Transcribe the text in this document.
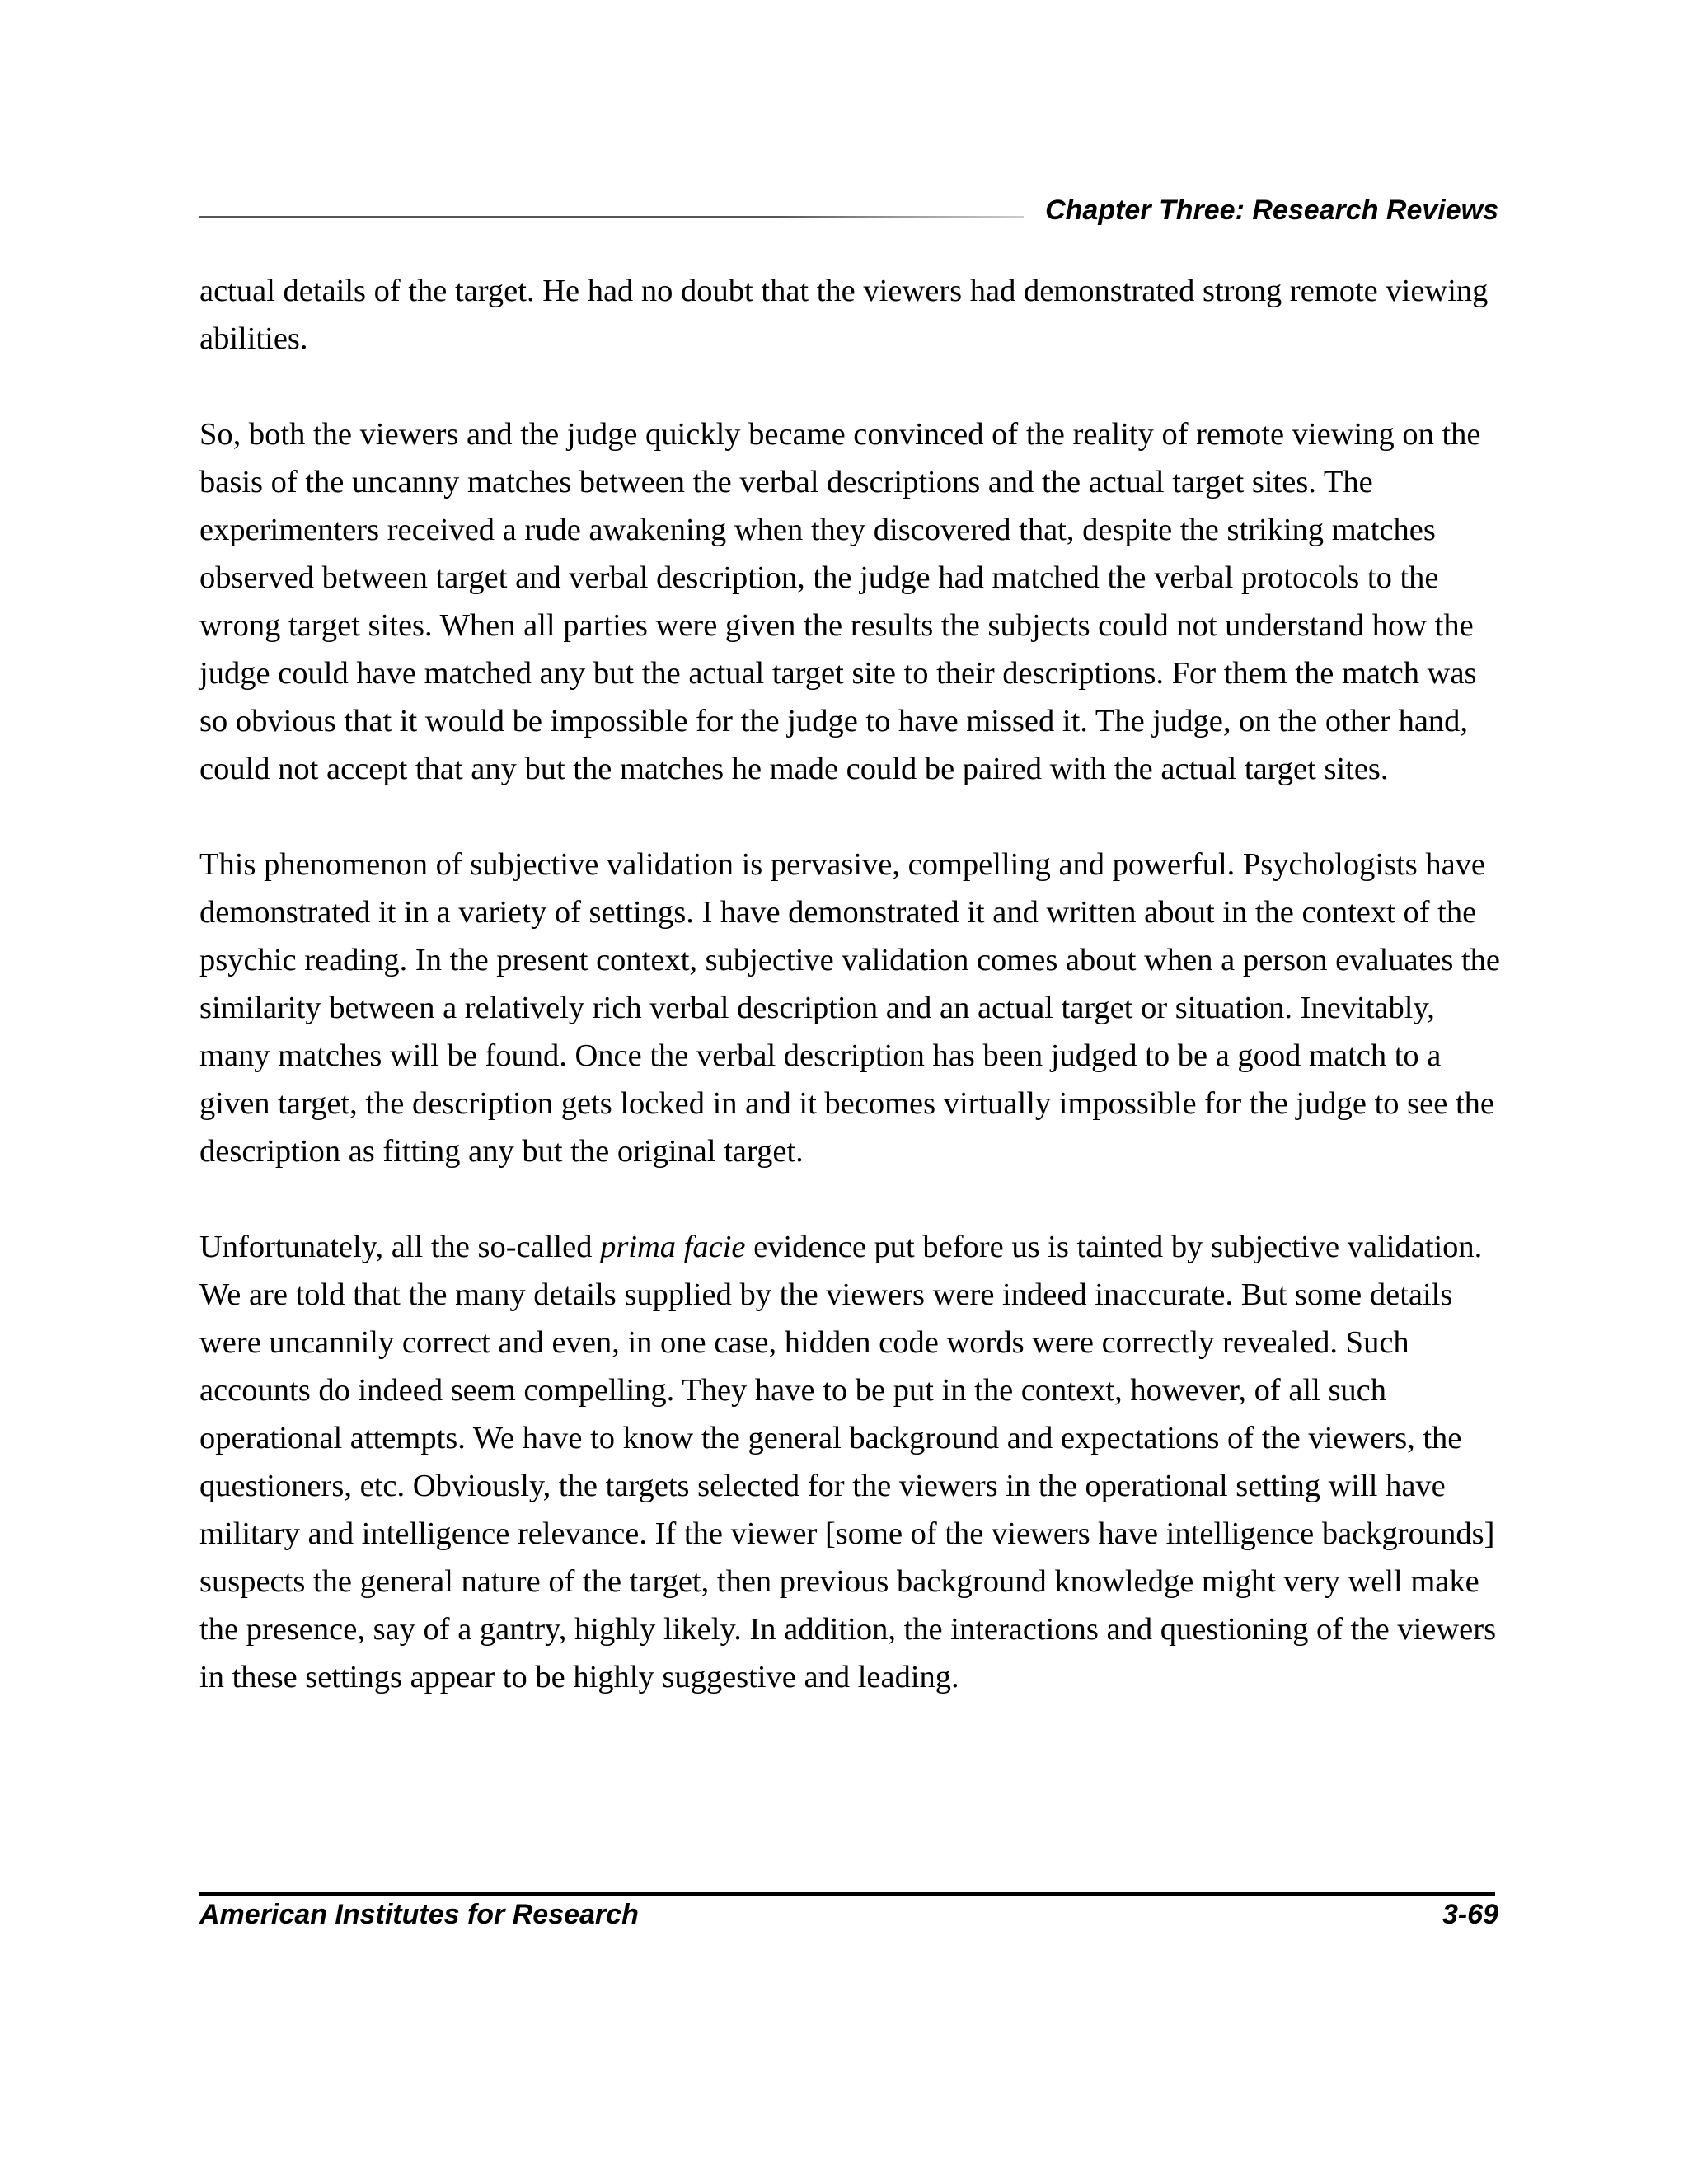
Chapter Three: Research Reviews

actual details of the target. He had no doubt that the viewers had demonstrated strong remote viewing abilities.

So, both the viewers and the judge quickly became convinced of the reality of remote viewing on the basis of the uncanny matches between the verbal descriptions and the actual target sites. The experimenters received a rude awakening when they discovered that, despite the striking matches observed between target and verbal description, the judge had matched the verbal protocols to the wrong target sites. When all parties were given the results the subjects could not understand how the judge could have matched any but the actual target site to their descriptions. For them the match was so obvious that it would be impossible for the judge to have missed it. The judge, on the other hand, could not accept that any but the matches he made could be paired with the actual target sites.

This phenomenon of subjective validation is pervasive, compelling and powerful. Psychologists have demonstrated it in a variety of settings. I have demonstrated it and written about in the context of the psychic reading. In the present context, subjective validation comes about when a person evaluates the similarity between a relatively rich verbal description and an actual target or situation. Inevitably, many matches will be found. Once the verbal description has been judged to be a good match to a given target, the description gets locked in and it becomes virtually impossible for the judge to see the description as fitting any but the original target.

Unfortunately, all the so-called prima facie evidence put before us is tainted by subjective validation. We are told that the many details supplied by the viewers were indeed inaccurate. But some details were uncannily correct and even, in one case, hidden code words were correctly revealed. Such accounts do indeed seem compelling. They have to be put in the context, however, of all such operational attempts. We have to know the general background and expectations of the viewers, the questioners, etc. Obviously, the targets selected for the viewers in the operational setting will have military and intelligence relevance. If the viewer [some of the viewers have intelligence backgrounds] suspects the general nature of the target, then previous background knowledge might very well make the presence, say of a gantry, highly likely. In addition, the interactions and questioning of the viewers in these settings appear to be highly suggestive and leading.

American Institutes for Research	3-69
